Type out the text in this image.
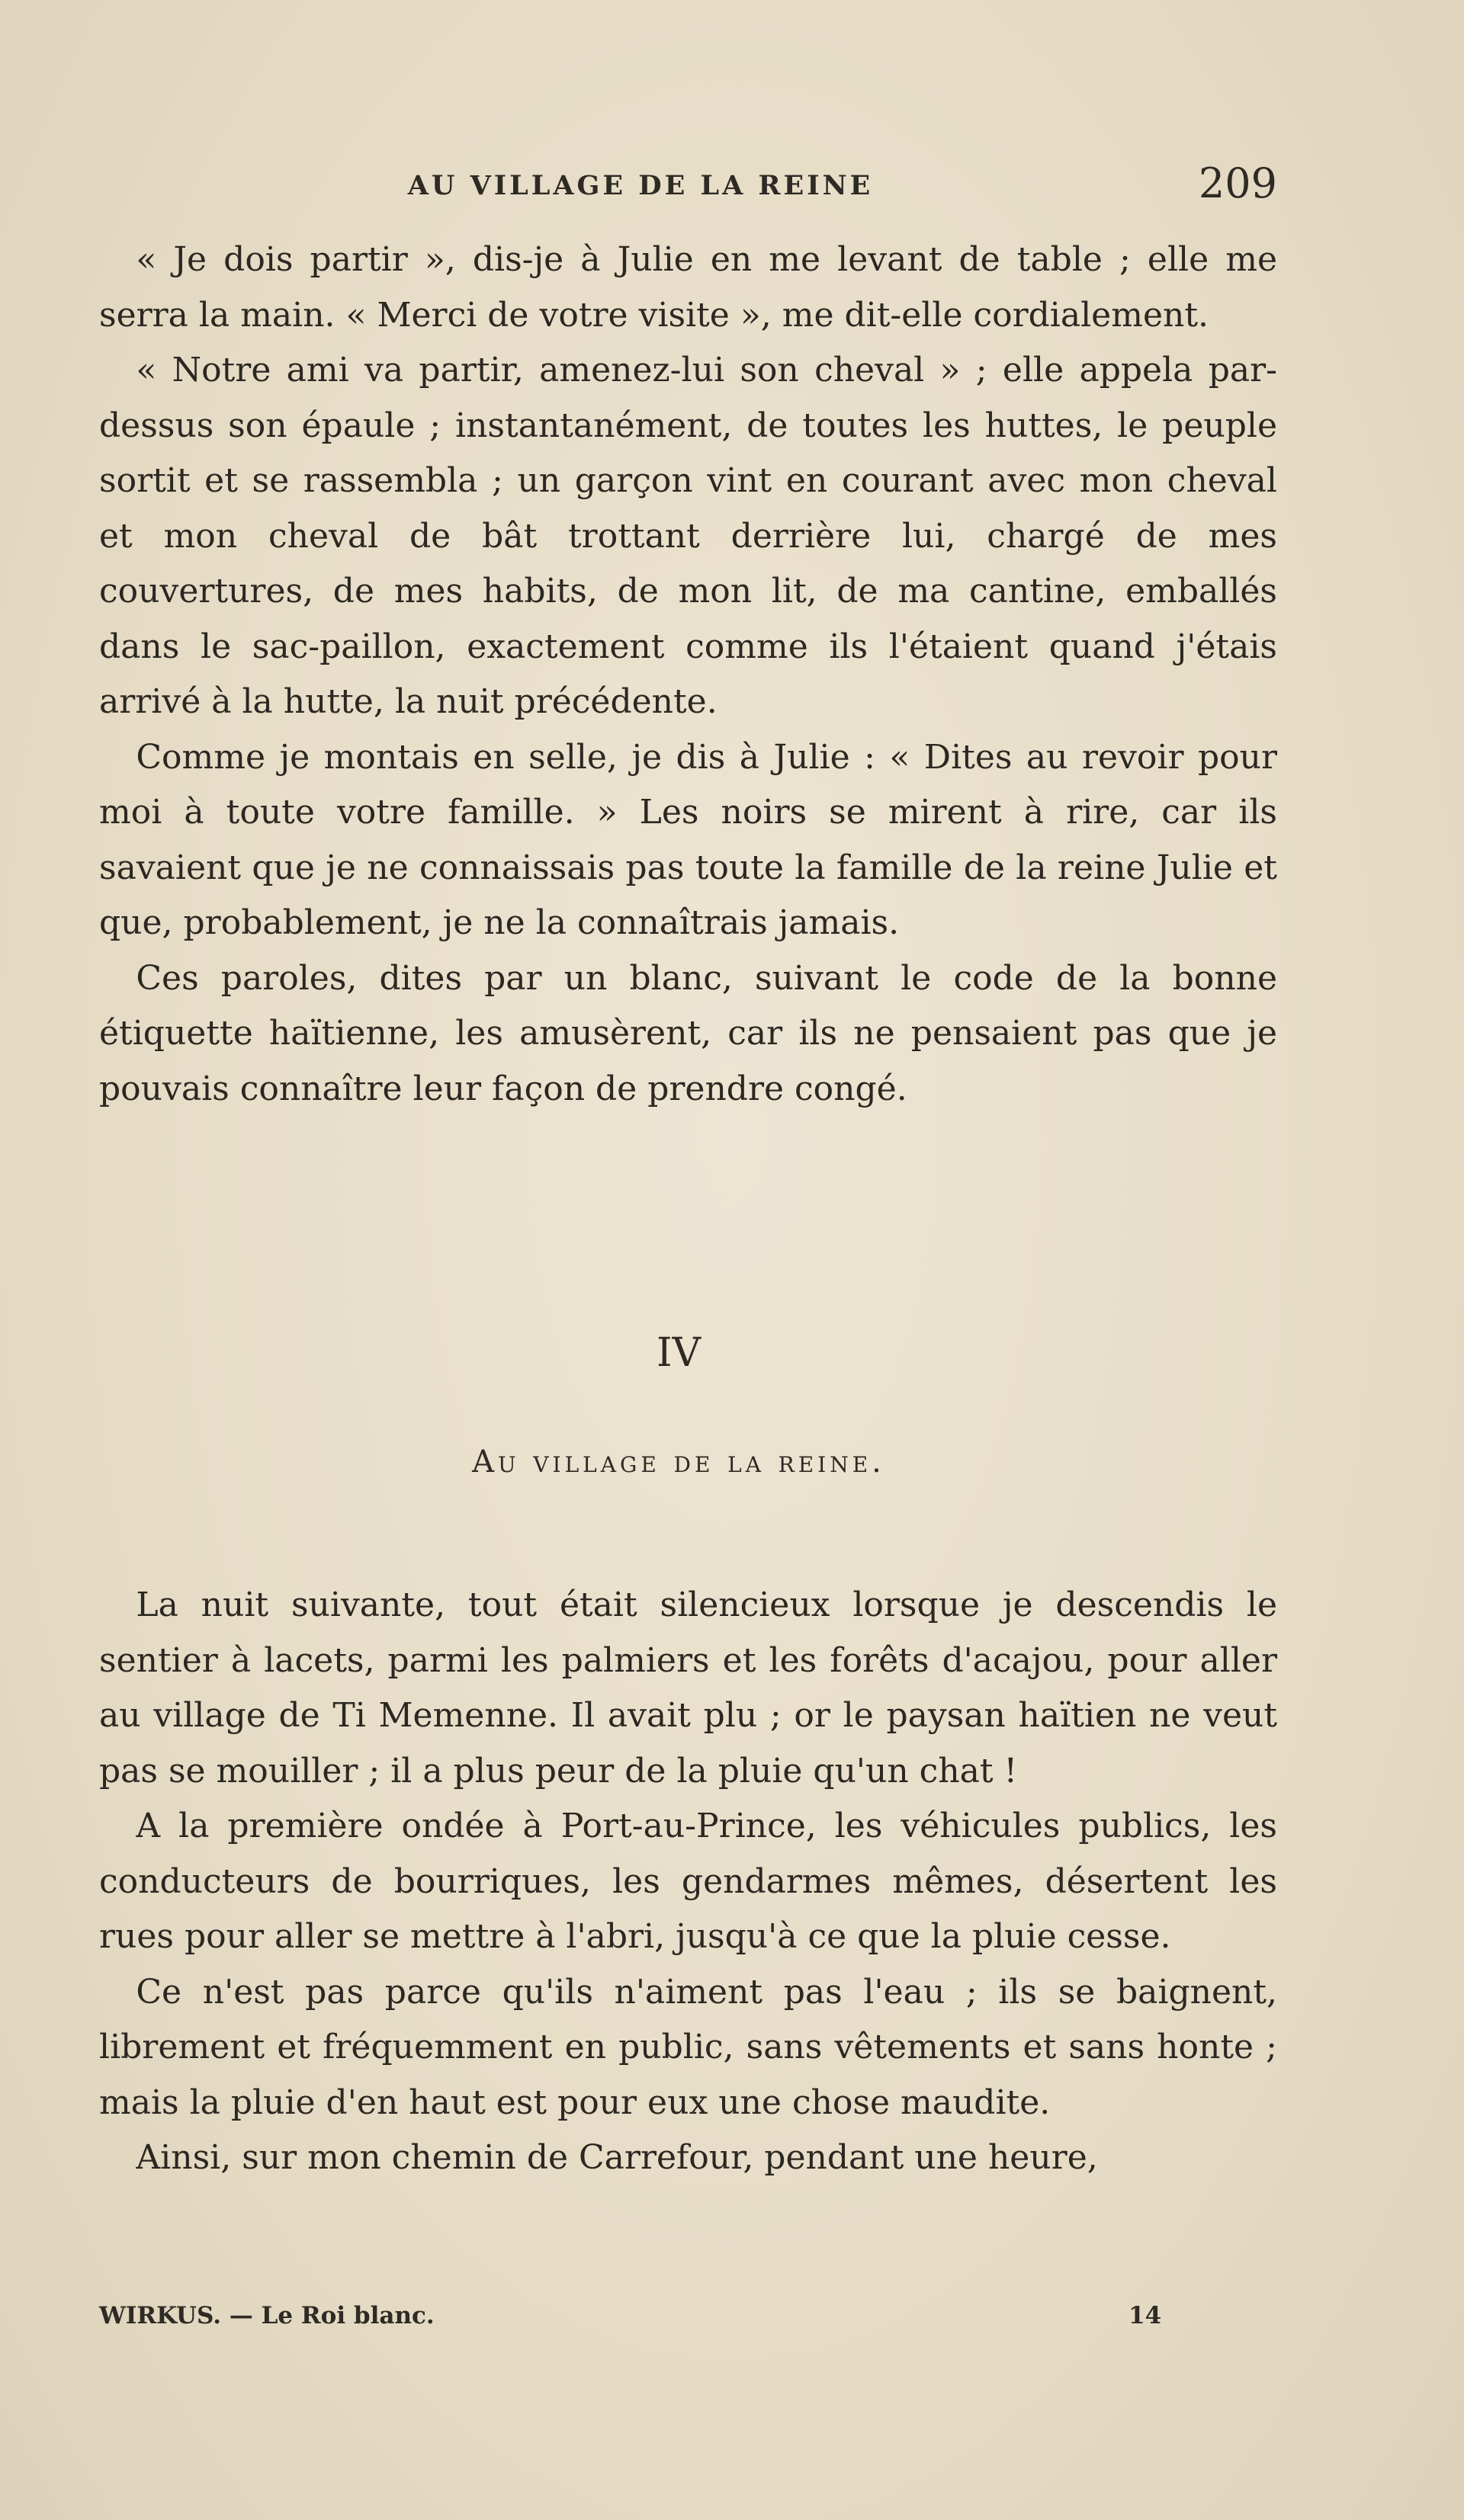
AU VILLAGE DE LA REINE	209

« Je dois partir », dis-je à Julie en me levant de table ; elle me serra la main. « Merci de votre visite », me dit-elle cordialement.

« Notre ami va partir, amenez-lui son cheval » ; elle appela par-dessus son épaule ; instantanément, de toutes les huttes, le peuple sortit et se rassembla ; un garçon vint en courant avec mon cheval et mon cheval de bât trottant derrière lui, chargé de mes couvertures, de mes habits, de mon lit, de ma cantine, emballés dans le sac-paillon, exactement comme ils l'étaient quand j'étais arrivé à la hutte, la nuit précédente.

Comme je montais en selle, je dis à Julie : « Dites au revoir pour moi à toute votre famille. » Les noirs se mirent à rire, car ils savaient que je ne connaissais pas toute la famille de la reine Julie et que, probablement, je ne la connaîtrais jamais.

Ces paroles, dites par un blanc, suivant le code de la bonne étiquette haïtienne, les amusèrent, car ils ne pensaient pas que je pouvais connaître leur façon de prendre congé.

IV
Au village de la reine.

La nuit suivante, tout était silencieux lorsque je descendis le sentier à lacets, parmi les palmiers et les forêts d'acajou, pour aller au village de Ti Memenne. Il avait plu ; or le paysan haïtien ne veut pas se mouiller ; il a plus peur de la pluie qu'un chat !

A la première ondée à Port-au-Prince, les véhicules publics, les conducteurs de bourriques, les gendarmes mêmes, désertent les rues pour aller se mettre à l'abri, jusqu'à ce que la pluie cesse.

Ce n'est pas parce qu'ils n'aiment pas l'eau ; ils se baignent, librement et fréquemment en public, sans vêtements et sans honte ; mais la pluie d'en haut est pour eux une chose maudite.

Ainsi, sur mon chemin de Carrefour, pendant une heure,

WIRKUS. — Le Roi blanc.	14
